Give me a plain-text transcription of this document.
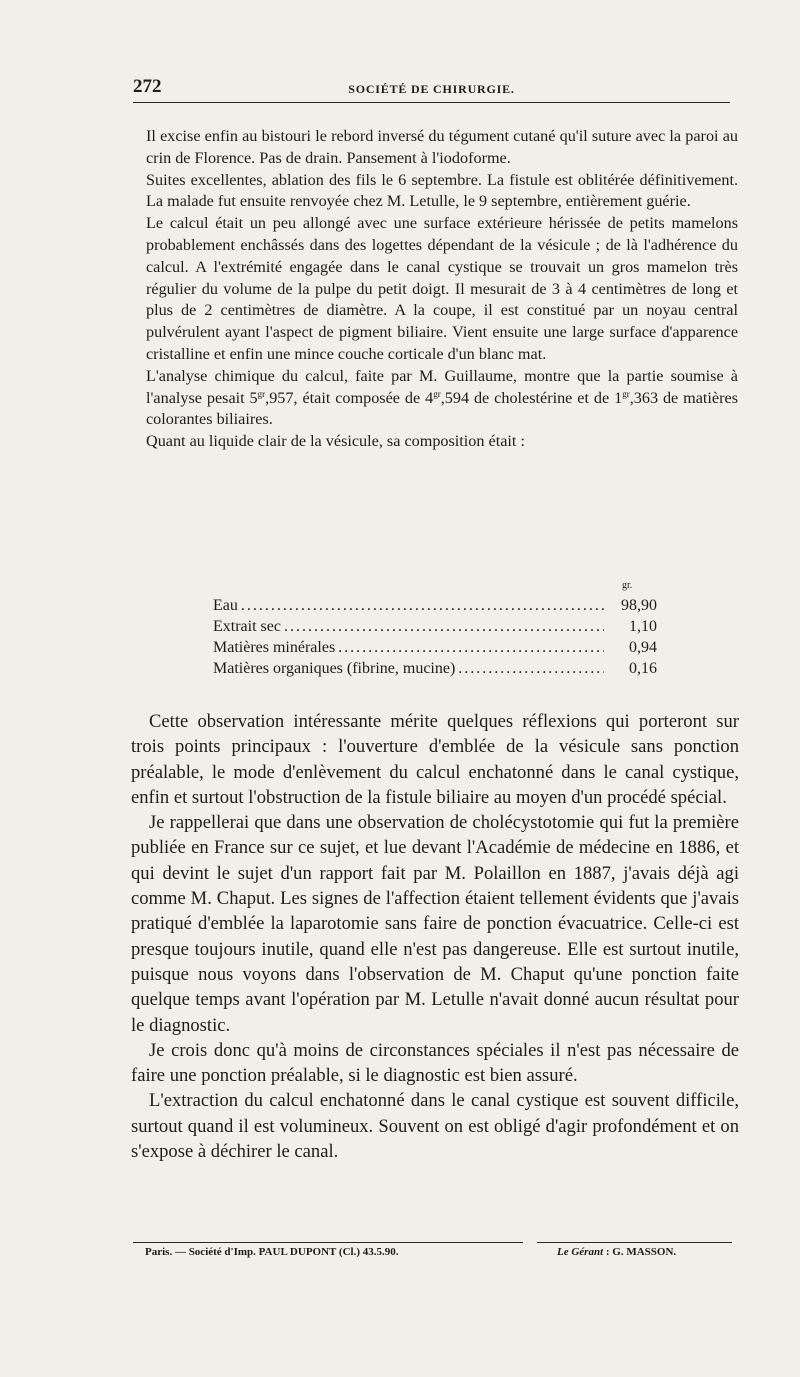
272	SOCIÉTÉ DE CHIRURGIE.

Il excise enfin au bistouri le rebord inversé du tégument cutané qu'il suture avec la paroi au crin de Florence. Pas de drain. Pansement à l'iodoforme.

Suites excellentes, ablation des fils le 6 septembre. La fistule est oblitérée définitivement. La malade fut ensuite renvoyée chez M. Letulle, le 9 septembre, entièrement guérie.

Le calcul était un peu allongé avec une surface extérieure hérissée de petits mamelons probablement enchâssés dans des logettes dépendant de la vésicule ; de là l'adhérence du calcul. A l'extrémité engagée dans le canal cystique se trouvait un gros mamelon très régulier du volume de la pulpe du petit doigt. Il mesurait de 3 à 4 centimètres de long et plus de 2 centimètres de diamètre. A la coupe, il est constitué par un noyau central pulvérulent ayant l'aspect de pigment biliaire. Vient ensuite une large surface d'apparence cristalline et enfin une mince couche corticale d'un blanc mat.

L'analyse chimique du calcul, faite par M. Guillaume, montre que la partie soumise à l'analyse pesait $5^{gr},957$, était composée de $4^{gr},594$ de cholestérine et de $1^{gr},363$ de matières colorantes biliaires.

Quant au liquide clair de la vésicule, sa composition était :

gr.
Eau .....	98,90
Extrait sec .....	1,10
Matières minérales .....	0,94
Matières organiques (fibrine, mucine) .....	0,16

Cette observation intéressante mérite quelques réflexions qui porteront sur trois points principaux : l'ouverture d'emblée de la vésicule sans ponction préalable, le mode d'enlèvement du calcul enchatonné dans le canal cystique, enfin et surtout l'obstruction de la fistule biliaire au moyen d'un procédé spécial.

Je rappellerai que dans une observation de cholécystotomie qui fut la première publiée en France sur ce sujet, et lue devant l'Académie de médecine en 1886, et qui devint le sujet d'un rapport fait par M. Polaillon en 1887, j'avais déjà agi comme M. Chaput. Les signes de l'affection étaient tellement évidents que j'avais pratiqué d'emblée la laparotomie sans faire de ponction évacuatrice. Celle-ci est presque toujours inutile, quand elle n'est pas dangereuse. Elle est surtout inutile, puisque nous voyons dans l'observation de M. Chaput qu'une ponction faite quelque temps avant l'opération par M. Letulle n'avait donné aucun résultat pour le diagnostic.

Je crois donc qu'à moins de circonstances spéciales il n'est pas nécessaire de faire une ponction préalable, si le diagnostic est bien assuré.

L'extraction du calcul enchatonné dans le canal cystique est souvent difficile, surtout quand il est volumineux. Souvent on est obligé d'agir profondément et on s'expose à déchirer le canal.

Paris. — Société d'Imp. PAUL DUPONT (Cl.) 43.5.90.	Le Gérant : G. MASSON.
